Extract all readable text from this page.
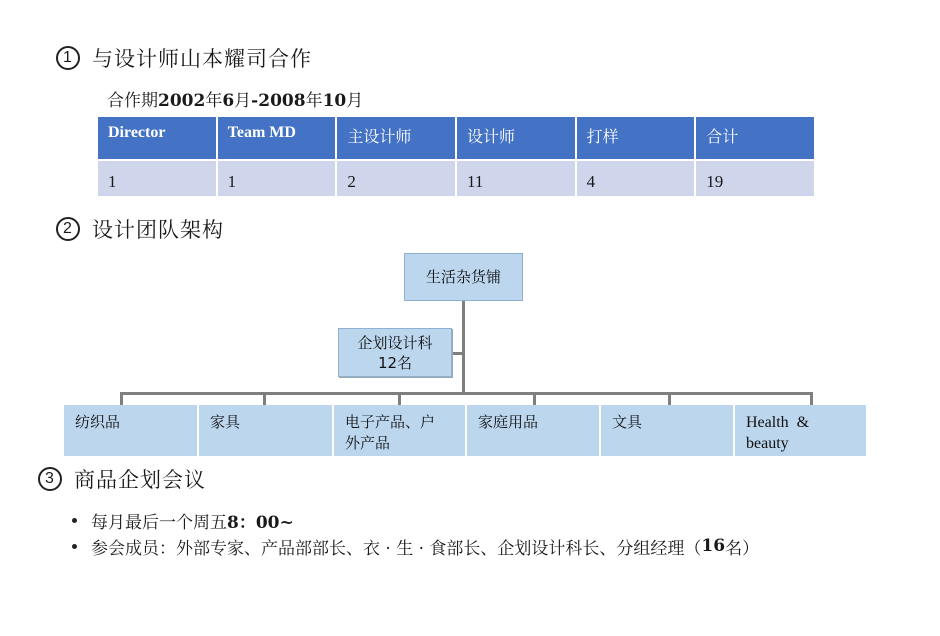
1 与设计师山本耀司合作
合作期2002年6月-2008年10月
Director	Team MD	主设计师	设计师	打样	合计
1	1	2	11	4	19
2 设计团队架构
生活杂货铺
企划设计科
12名
纺织品	家具	电子产品、户
外产品
家庭用品	文具	Health  &
beauty
3 商品企划会议
每月最后一个周五 8：00~
参会成员：外部专家、产品部部长、衣 · 生 · 食部长、企划设计科长、分组经理（ 16 名）
